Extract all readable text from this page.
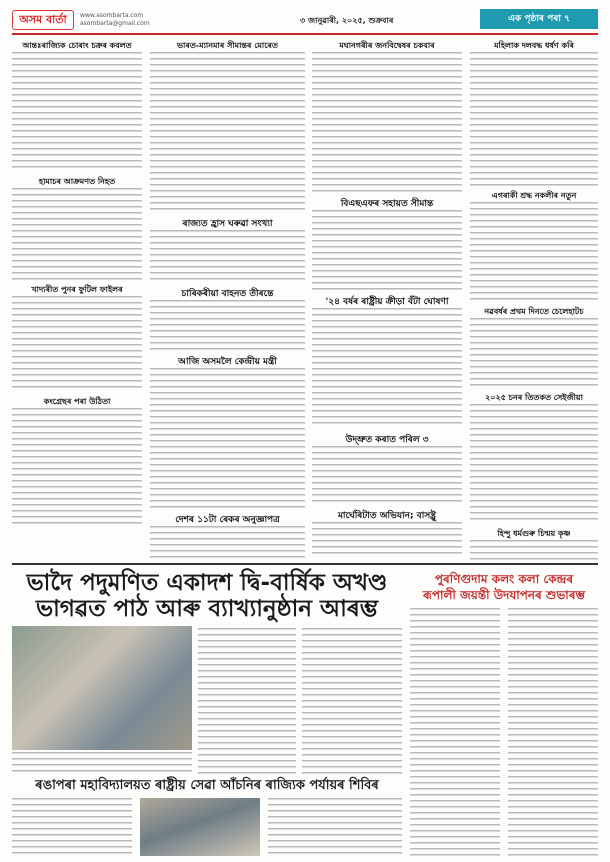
অসম বাৰ্তা	www.asombarta.com
asombarta@gmail.com	৩ জানুৱাৰী, ২০২৫, শুক্ৰবাৰ	এক পৃষ্ঠাৰ পৰা ৭
আন্তঃৰাজ্যিক চোৰাং চক্ৰৰ কবলত
হামাচৰ আক্ৰমণত নিহত
খাদ্যৰীত পুনৰ ফুটিল ফাইলৰ
কংগ্ৰেছৰ পৰা উঠিতা
ভাৰত-ম্যানমাৰ সীমান্তৰ মোৰেত
ৰাজ্যত হ্ৰাস ঘৰুৱা সংখ্যা
চাৰিকৰীয়া বাহনত তীৰন্তে
আজি অসমলৈ কেন্দ্ৰীয় মন্ত্ৰী
দেশৰ ১১টা ৰেকৰ অনুজ্ঞাপত্ৰ
মঘানগৰীৰ জনবিদ্বেষৰ চকবাৰ
বিএছএফৰ সহায়ত সীমান্ত
'২৪ বৰ্ষৰ ৰাষ্ট্ৰীয় ক্ৰীড়া বঁটা ঘোষণা
উদ্ভ্ৰুত কৰাত পৰিল ৩
মাৰ্ঘেৰিটাত অভিযান; বাসষ্ট্ৰু
মহিলাক দলবদ্ধ ধৰ্ষণ কৰি
এগৰাকী শ্ৰদ্ধ নকলীৰ নতুন
নৱবৰ্ষৰ প্ৰথম দিনতে চেলেহাটচ
২০২৫ চনৰ তিতকত সেইজীয়া
হিন্দু ধৰ্মগুৰু চিন্ময় কৃষ্ণ
ভাদৈ পদুমণিত একাদশ দ্বি-বাৰ্ষিক অখণ্ড
ভাগৱত পাঠ আৰু ব্যাখ্যানুষ্ঠান আৰম্ভ
পুৰণিগুদাম কলং কলা কেন্দ্ৰৰ
ৰূপালী জয়ন্তী উদযাপনৰ শুভাৰম্ভ
ৰঙাপৰা মহাবিদ্যালয়ত ৰাষ্ট্ৰীয় সেৱা আঁচনিৰ ৰাজ্যিক পৰ্যায়ৰ শিবিৰ
